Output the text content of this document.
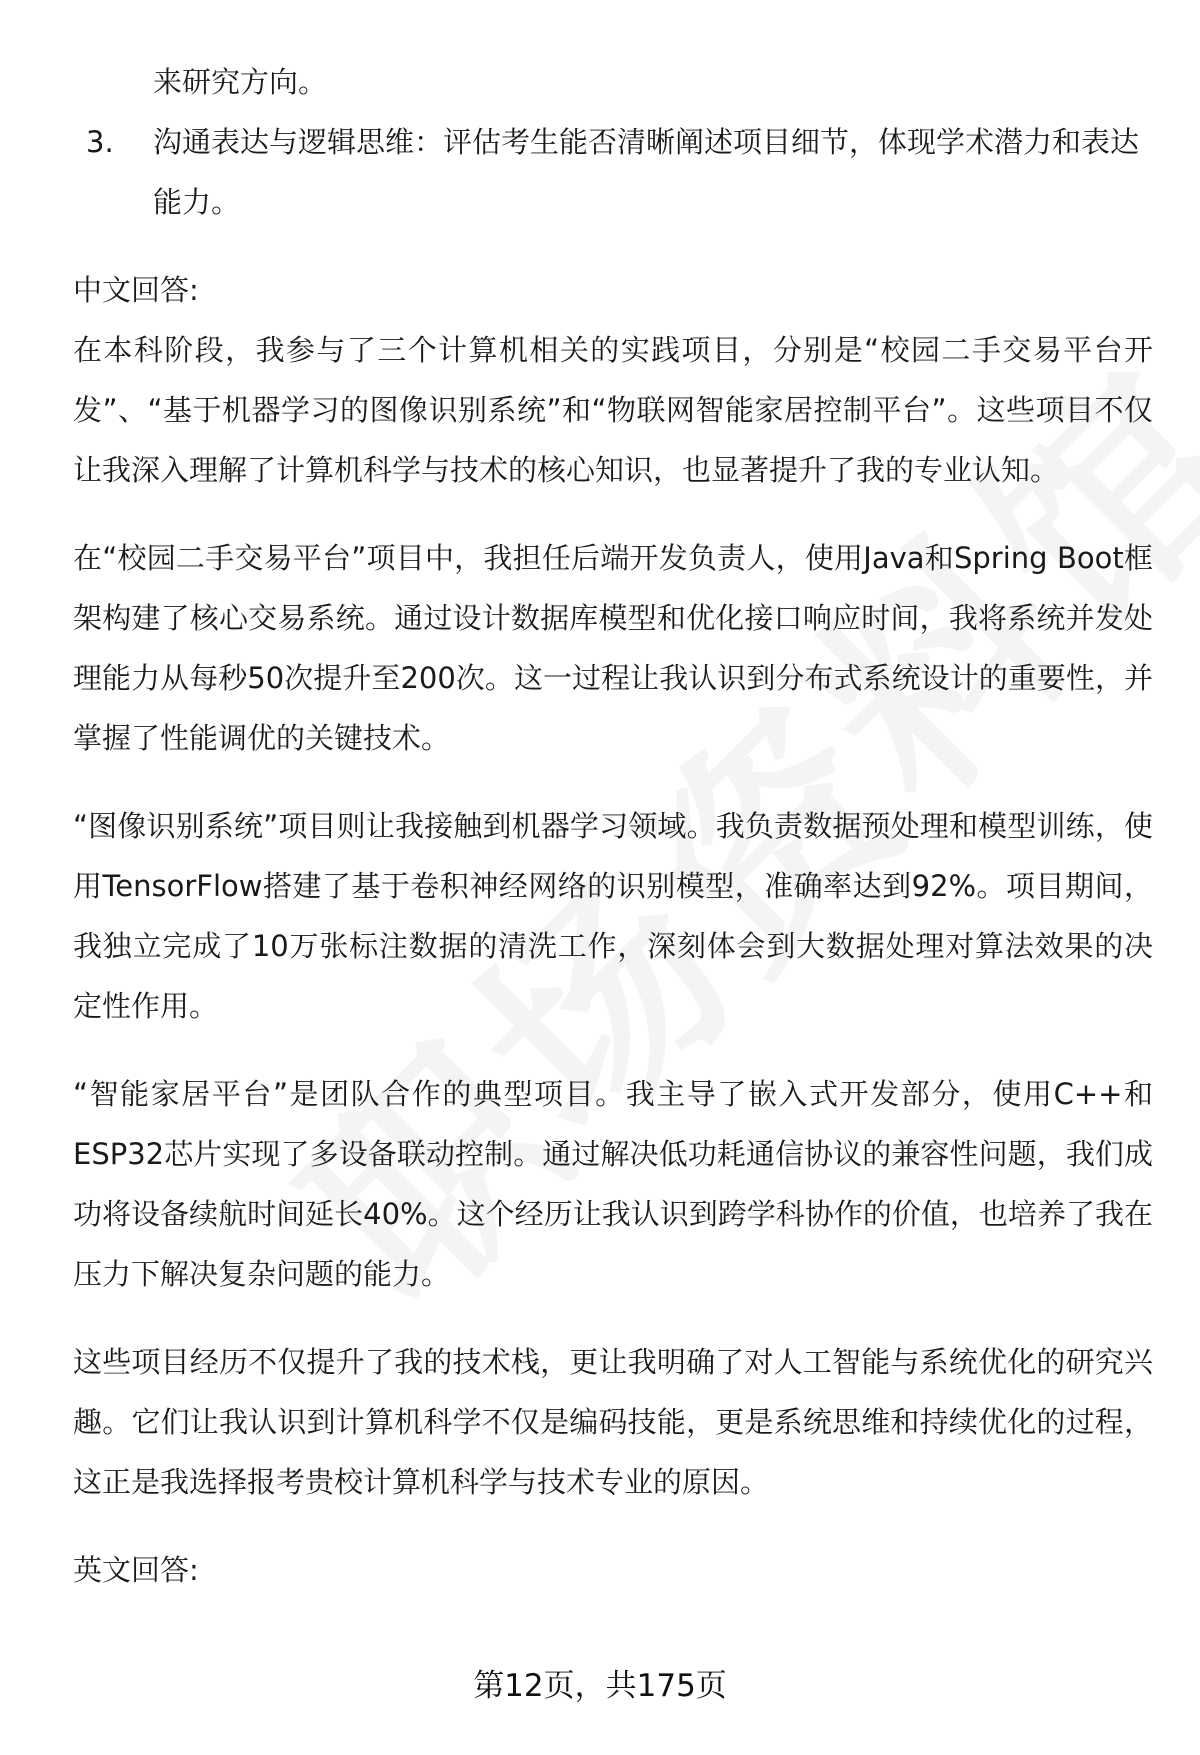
来研究方向。

3. 沟通表达与逻辑思维：评估考生能否清晰阐述项目细节，体现学术潜力和表达能力。

中文回答:

在本科阶段，我参与了三个计算机相关的实践项目，分别是“校园二手交易平台开发”、“基于机器学习的图像识别系统”和“物联网智能家居控制平台”。这些项目不仅让我深入理解了计算机科学与技术的核心知识，也显著提升了我的专业认知。

在“校园二手交易平台”项目中，我担任后端开发负责人，使用Java和Spring Boot框架构建了核心交易系统。通过设计数据库模型和优化接口响应时间，我将系统并发处理能力从每秒50次提升至200次。这一过程让我认识到分布式系统设计的重要性，并掌握了性能调优的关键技术。

“图像识别系统”项目则让我接触到机器学习领域。我负责数据预处理和模型训练，使用TensorFlow搭建了基于卷积神经网络的识别模型，准确率达到92%。项目期间，我独立完成了10万张标注数据的清洗工作，深刻体会到大数据处理对算法效果的决定性作用。

“智能家居平台”是团队合作的典型项目。我主导了嵌入式开发部分，使用C++和ESP32芯片实现了多设备联动控制。通过解决低功耗通信协议的兼容性问题，我们成功将设备续航时间延长40%。这个经历让我认识到跨学科协作的价值，也培养了我在压力下解决复杂问题的能力。

这些项目经历不仅提升了我的技术栈，更让我明确了对人工智能与系统优化的研究兴趣。它们让我认识到计算机科学不仅是编码技能，更是系统思维和持续优化的过程，这正是我选择报考贵校计算机科学与技术专业的原因。

英文回答:

第12页，共175页
